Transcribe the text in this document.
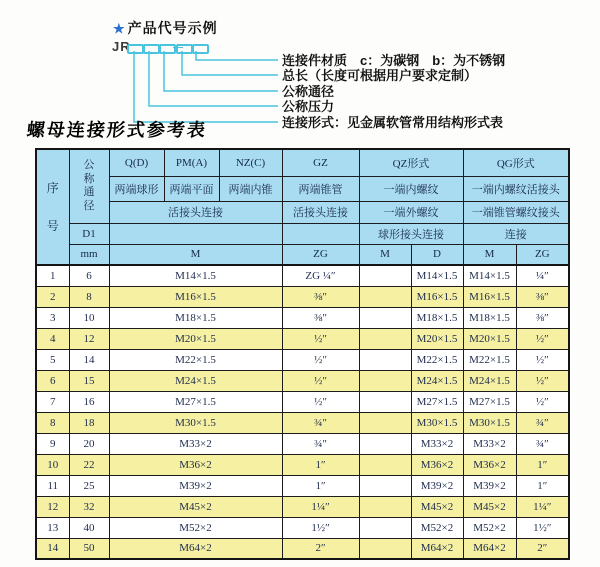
★ 产品代号示例
JR	—
连接件材质　c：为碳钢　b：为不锈钢
总长（长度可根据用户要求定制）
公称通径
公称压力
连接形式：见金属软管常用结构形式表
螺母连接形式参考表
序号	公称通径	Q(D)	PM(A)	NZ(C)	GZ	QZ形式		QG形式	
		两端球形	两端平面	两端内锥	两端锥管	一端内螺纹		一端内螺纹活接头	
		活接头连接			活接头连接	一端外螺纹		一端锥管螺纹接头	
	D1					球形接头连接		连接	
	mm	M			ZG	M	D	M	ZG
1	6	M14×1.5			ZG ¼″		M14×1.5	M14×1.5	¼″
2	8	M16×1.5			⅜″		M16×1.5	M16×1.5	⅜″
3	10	M18×1.5			⅜″		M18×1.5	M18×1.5	⅜″
4	12	M20×1.5			½″		M20×1.5	M20×1.5	½″
5	14	M22×1.5			½″		M22×1.5	M22×1.5	½″
6	15	M24×1.5			½″		M24×1.5	M24×1.5	½″
7	16	M27×1.5			½″		M27×1.5	M27×1.5	½″
8	18	M30×1.5			¾″		M30×1.5	M30×1.5	¾″
9	20	M33×2			¾″		M33×2	M33×2	¾″
10	22	M36×2			1″		M36×2	M36×2	1″
11	25	M39×2			1″		M39×2	M39×2	1″
12	32	M45×2			1¼″		M45×2	M45×2	1¼″
13	40	M52×2			1½″		M52×2	M52×2	1½″
14	50	M64×2			2″		M64×2	M64×2	2″
